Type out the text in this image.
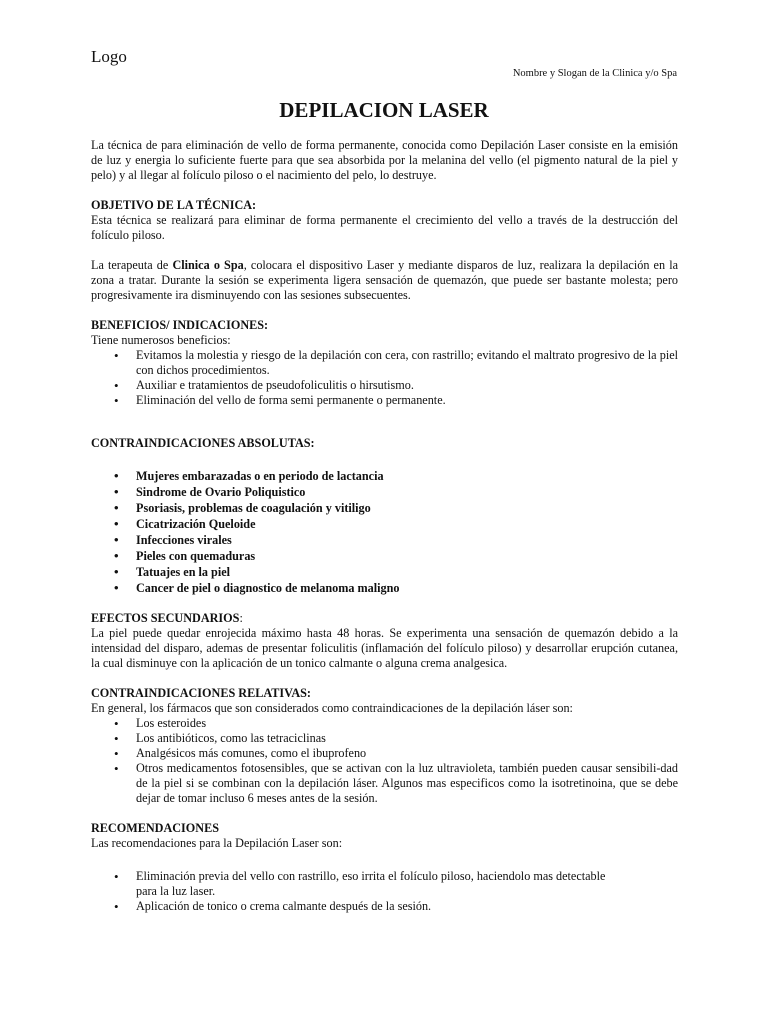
Logo
Nombre y Slogan de la Clinica y/o Spa
DEPILACION LASER

La técnica de para eliminación de vello de forma permanente, conocida como Depilación Laser consiste en la emisión de luz y energia lo suficiente fuerte para que sea absorbida por la melanina del vello (el pigmento natural de la piel y pelo) y al llegar al folículo piloso o el nacimiento del pelo, lo destruye.

OBJETIVO DE LA TÉCNICA:

Esta técnica se realizará para eliminar de forma permanente el crecimiento del vello a través de la destrucción del folículo piloso.

La terapeuta de Clinica o Spa, colocara el dispositivo Laser y mediante disparos de luz, realizara la depilación en la zona a tratar. Durante la sesión se experimenta ligera sensación de quemazón, que puede ser bastante molesta; pero progresivamente ira disminuyendo con las sesiones subsecuentes.

BENEFICIOS/ INDICACIONES:

Tiene numerosos beneficios:

• Evitamos la molestia y riesgo de la depilación con cera, con rastrillo; evitando el maltrato progresivo de la piel con dichos procedimientos.
• Auxiliar e tratamientos de pseudofoliculitis o hirsutismo.
• Eliminación del vello de forma semi permanente o permanente.

CONTRAINDICACIONES ABSOLUTAS:

• Mujeres embarazadas o en periodo de lactancia
• Sindrome de Ovario Poliquistico
• Psoriasis, problemas de coagulación y vitiligo
• Cicatrización Queloide
• Infecciones virales
• Pieles con quemaduras
• Tatuajes en la piel
• Cancer de piel o diagnostico de melanoma maligno

EFECTOS SECUNDARIOS:

La piel puede quedar enrojecida máximo hasta 48 horas. Se experimenta una sensación de quemazón debido a la intensidad del disparo, ademas de presentar foliculitis (inflamación del folículo piloso) y desarrollar erupción cutanea, la cual disminuye con la aplicación de un tonico calmante o alguna crema analgesica.

CONTRAINDICACIONES RELATIVAS:

En general, los fármacos que son considerados como contraindicaciones de la depilación láser son:

• Los esteroides
• Los antibióticos, como las tetraciclinas
• Analgésicos más comunes, como el ibuprofeno
• Otros medicamentos fotosensibles, que se activan con la luz ultravioleta, también pueden causar sensibili-dad de la piel si se combinan con la depilación láser. Algunos mas especificos como la isotretinoina, que se debe dejar de tomar incluso 6 meses antes de la sesión.

RECOMENDACIONES

Las recomendaciones para la Depilación Laser son:

• Eliminación previa del vello con rastrillo, eso irrita el folículo piloso, haciendolo mas detectable
para la luz laser.
• Aplicación de tonico o crema calmante después de la sesión.
